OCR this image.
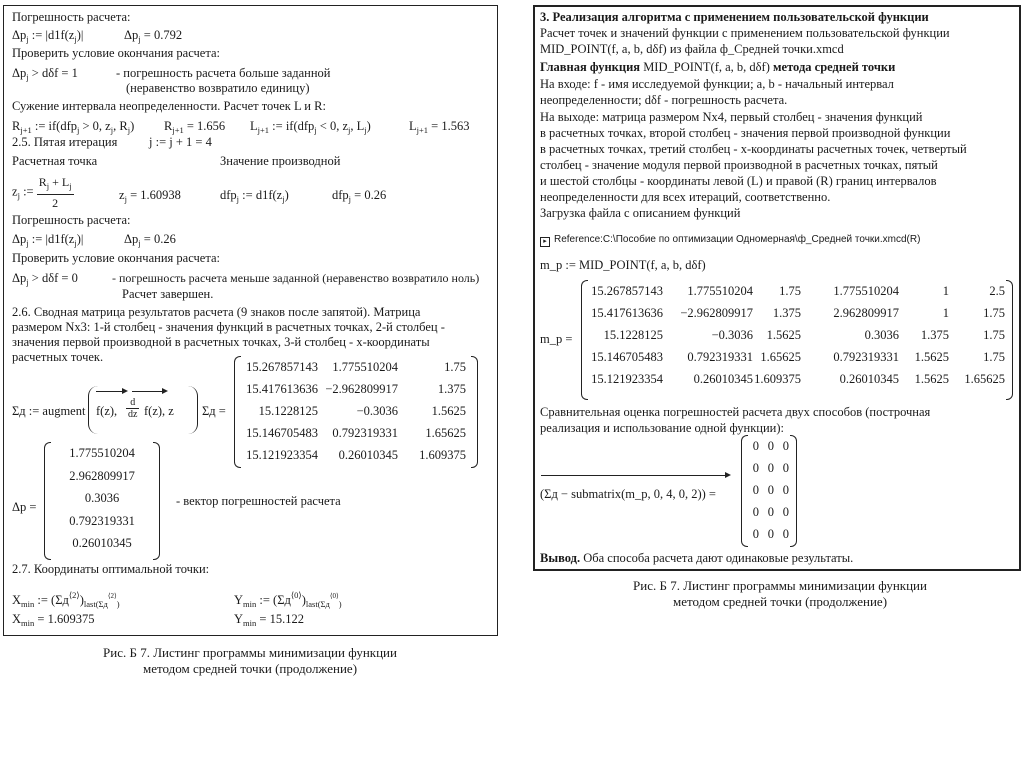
Погрешность расчета:
$\Delta p_j$ := $|d1f(z_j)|$	$\Delta p_j = 0.792$
Проверить условие окончания расчета:
$\Delta p_j > d\delta f = 1$	- погрешность расчета больше заданной
(неравенство возвратило единицу)
Сужение интервала неопределенности. Расчет точек L и R:
$R_{j+1}$ := if(dfp$_j$ > 0, $z_j$, $R_j$) $R_{j+1} = 1.656$ $L_{j+1}$ := if(dfp$_j$ < 0, $z_j$, $L_j$)	$L_{j+1} = 1.563$
2.5. Пятая итерация	j := j + 1 = 4
Расчетная точка	Значение производной
$z_j$ := $\frac{R_j + L_j}{2}$	$z_j = 1.60938$	dfp$_j$ := $d1f(z_j)$	dfp$_j$ = 0.26
Погрешность расчета:
$\Delta p_j$ := $|d1f(z_j)|$	$\Delta p_j = 0.26$
Проверить условие окончания расчета:
$\Delta p_j > d\delta f = 0$	- погрешность расчета меньше заданной (неравенство возвратило ноль)
Расчет завершен.
2.6. Сводная матрица результатов расчета (9 знаков после запятой). Матрица
размером Nx3: 1-й столбец - значения функций в расчетных точках, 2-й столбец -
значения первой производной в расчетных точках, 3-й столбец - x-координаты
расчетных точек.
Σд := augment f(z), $\frac{d}{dz} f(z)$, z Σд =
15.267857143 1.775510204	1.75
15.417613636 −2.962809917	1.375
15.1228125	−0.3036	1.5625
15.146705483 0.792319331 1.65625
15.121923354 0.26010345 1.609375
Δp =
1.775510204
2.962809917
0.3036
0.792319331
0.26010345
- вектор погрешностей расчета
2.7. Координаты оптимальной точки:
$X_{min}$ := $(\Sigma д^{⟨2⟩})_{last(\Sigma д}^{⟨2⟩}_)$	$Y_{min}$ := $(\Sigma д^{⟨0⟩})_{last(\Sigma д}^{⟨0⟩}_)$
$X_{min} = 1.609375$	$Y_{min} = 15.122$
Рис. Б 7. Листинг программы минимизации функции
методом средней точки (продолжение)
3. Реализация алгоритма с применением пользовательской функции
Расчет точек и значений функции с применением пользовательской функции
MID_POINT(f, a, b, dδf) из файла ф_Средней точки.xmcd
Главная функция MID_POINT(f, a, b, dδf) метода средней точки
На входе: f - имя исследуемой функции; a, b - начальный интервал
неопределенности; dδf - погрешность расчета.
На выходе: матрица размером Nx4, первый столбец - значения функций
в расчетных точках, второй столбец - значения первой производной функции
в расчетных точках, третий столбец - x-координаты расчетных точек, четвертый
столбец - значение модуля первой производной в расчетных точках, пятый
и шестой столбцы - координаты левой (L) и правой (R) границ интервалов
неопределенности для всех итераций, соответственно.
Загрузка файла с описанием функций
▸ Reference:C:\Пособие по оптимизации Одномерная\ф_Средней точки.xmcd(R)
m_p := MID_POINT(f, a, b, dδf)
m_p =
15.267857143 1.775510204 1.75	1.775510204	1	2.5
15.417613636 −2.962809917 1.375	2.962809917	1	1.75
15.1228125	−0.3036 1.5625	0.3036 1.375	1.75
15.146705483 0.792319331 1.65625	0.792319331 1.5625	1.75
15.121923354 0.26010345 1.609375	0.26010345 1.5625 1.65625
Сравнительная оценка погрешностей расчета двух способов (построчная
реализация и использование одной функции):
(Σд − submatrix(m_p, 0, 4, 0, 2)) =
0 0 0
0 0 0
0 0 0
0 0 0
0 0 0
Вывод. Оба способа расчета дают одинаковые результаты.
Рис. Б 7. Листинг программы минимизации функции
методом средней точки (продолжение)
